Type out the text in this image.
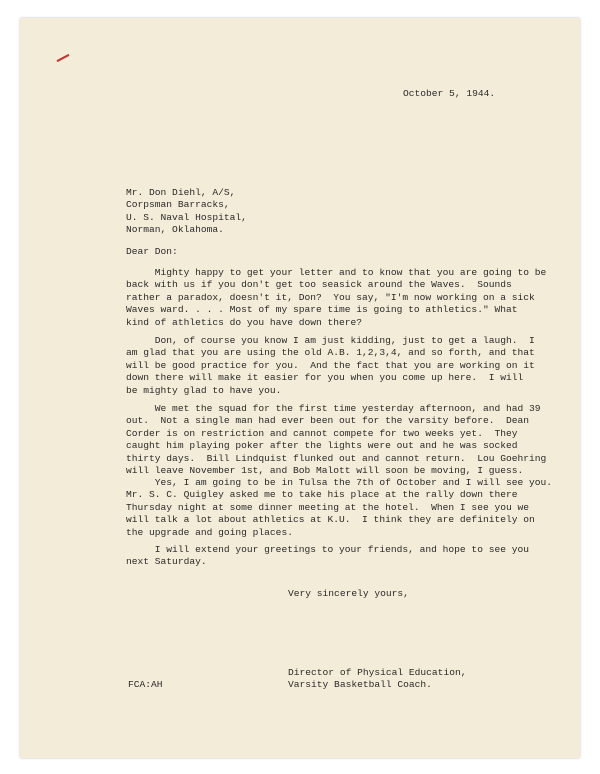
October 5, 1944.
Mr. Don Diehl, A/S,
Corpsman Barracks,
U. S. Naval Hospital,
Norman, Oklahoma.
Dear Don:
Mighty happy to get your letter and to know that you are going to be
back with us if you don't get too seasick around the Waves.  Sounds
rather a paradox, doesn't it, Don?  You say, "I'm now working on a sick
Waves ward. . . . Most of my spare time is going to athletics." What
kind of athletics do you have down there?
Don, of course you know I am just kidding, just to get a laugh.  I
am glad that you are using the old A.B. 1,2,3,4, and so forth, and that
will be good practice for you.  And the fact that you are working on it
down there will make it easier for you when you come up here.  I will
be mighty glad to have you.
We met the squad for the first time yesterday afternoon, and had 39
out.  Not a single man had ever been out for the varsity before.  Dean
Corder is on restriction and cannot compete for two weeks yet.  They
caught him playing poker after the lights were out and he was socked
thirty days.  Bill Lindquist flunked out and cannot return.  Lou Goehring
will leave November 1st, and Bob Malott will soon be moving, I guess.
Yes, I am going to be in Tulsa the 7th of October and I will see you.
Mr. S. C. Quigley asked me to take his place at the rally down there
Thursday night at some dinner meeting at the hotel.  When I see you we
will talk a lot about athletics at K.U.  I think they are definitely on
the upgrade and going places.
I will extend your greetings to your friends, and hope to see you
next Saturday.
Very sincerely yours,
Director of Physical Education,
Varsity Basketball Coach.
FCA:AH
